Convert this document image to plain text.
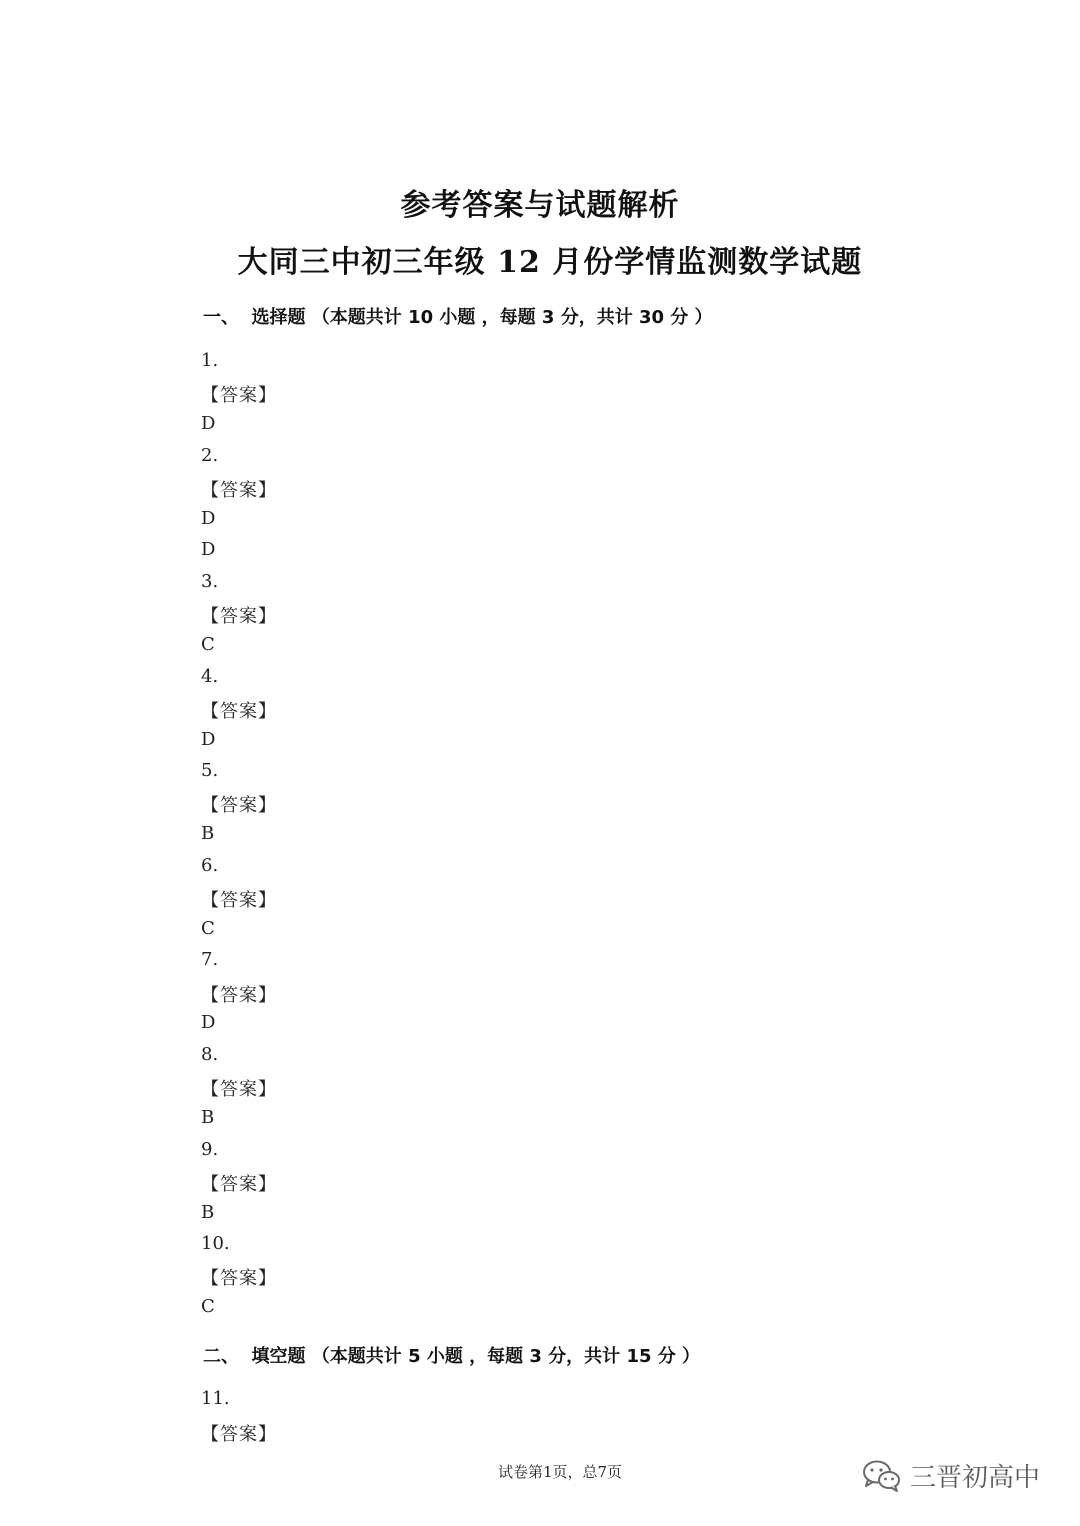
参考答案与试题解析
大同三中初三年级 12 月份学情监测数学试题
一、  选择题 （本题共计 10 小题 ，每题 3 分，共计 30 分 ）
1.
【答案】
D
2.
【答案】
D
D
3.
【答案】
C
4.
【答案】
D
5.
【答案】
B
6.
【答案】
C
7.
【答案】
D
8.
【答案】
B
9.
【答案】
B
10.
【答案】
C
二、  填空题 （本题共计 5 小题 ，每题 3 分，共计 15 分 ）
11.
【答案】
试卷第1页，总7页	三晋初高中
